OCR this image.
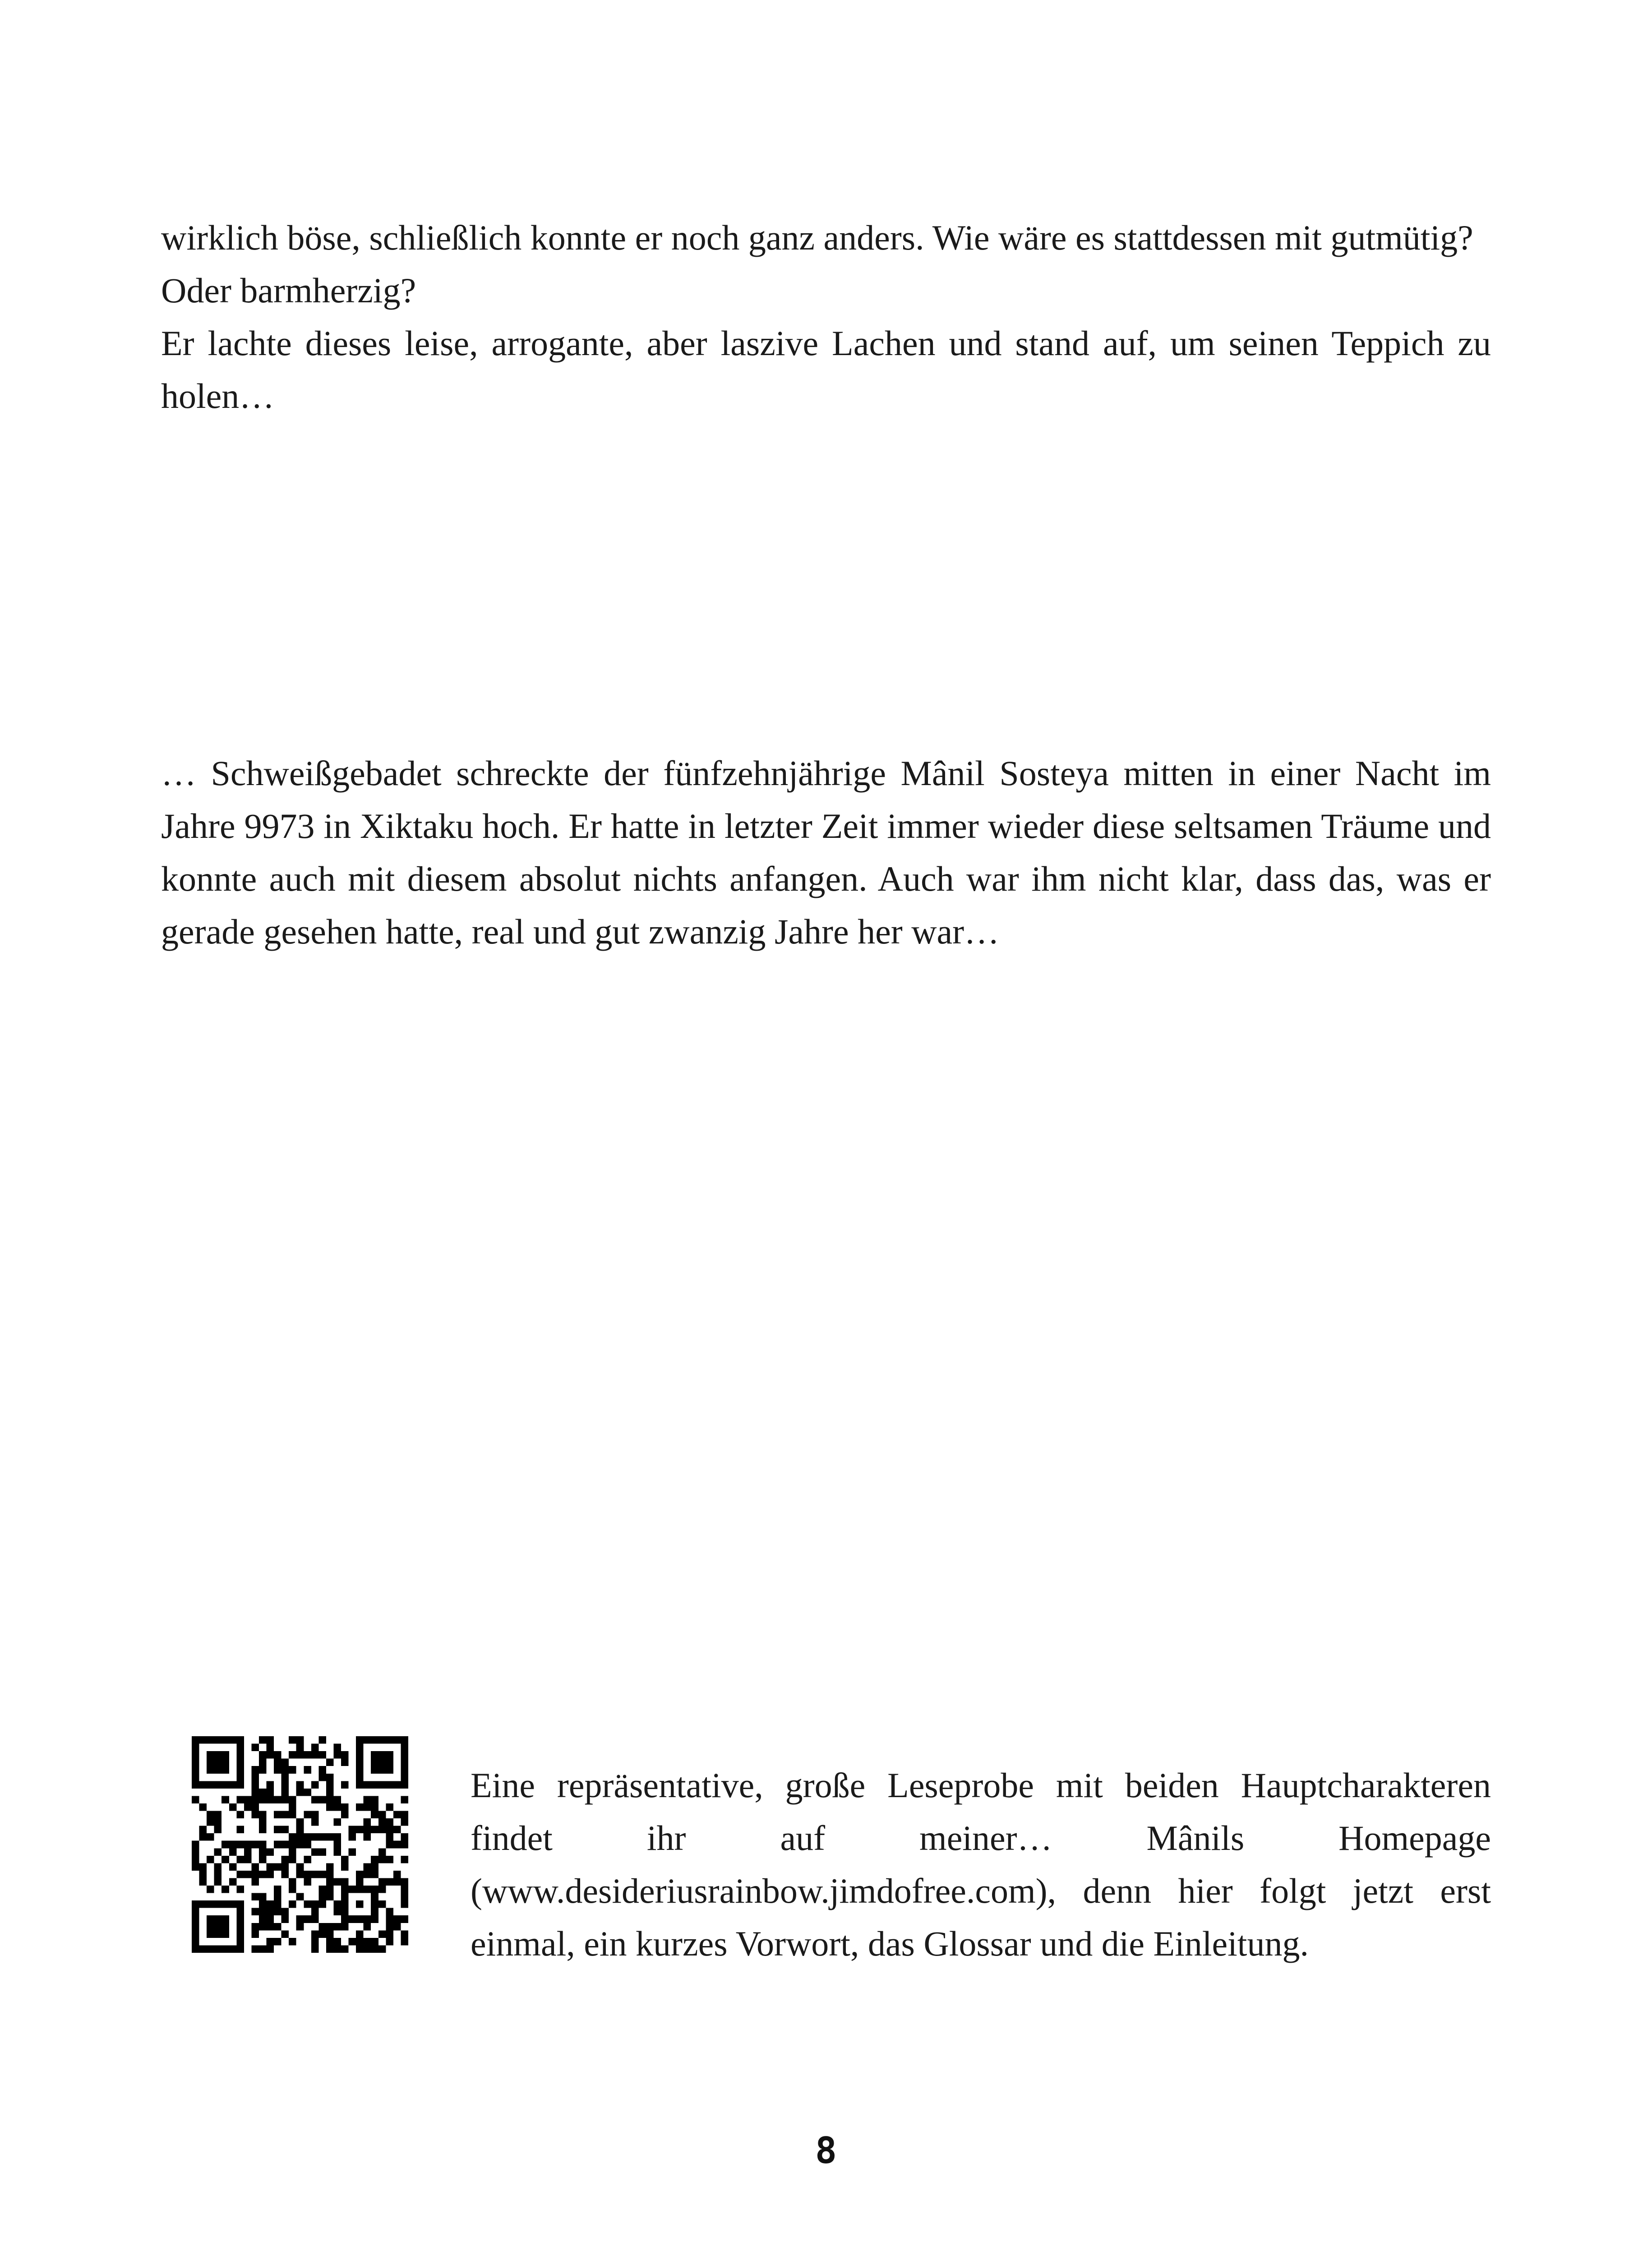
wirklich böse, schließlich konnte er noch ganz anders. Wie wäre es stattdessen mit gutmütig?

Oder barmherzig?

Er lachte dieses leise, arrogante, aber laszive Lachen und stand auf, um seinen Teppich zu holen…

… Schweißgebadet schreckte der fünfzehnjährige Mânil Sosteya mitten in einer Nacht im Jahre 9973 in Xiktaku hoch. Er hatte in letzter Zeit immer wieder diese seltsamen Träume und konnte auch mit diesem absolut nichts anfangen. Auch war ihm nicht klar, dass das, was er gerade gesehen hatte, real und gut zwanzig Jahre her war…

Eine repräsentative, große Leseprobe mit beiden Hauptcharakteren findet ihr auf meiner… Mânils Homepage (www.desideriusrainbow.jimdofree.com), denn hier folgt jetzt erst einmal, ein kurzes Vorwort, das Glossar und die Einleitung.

8
